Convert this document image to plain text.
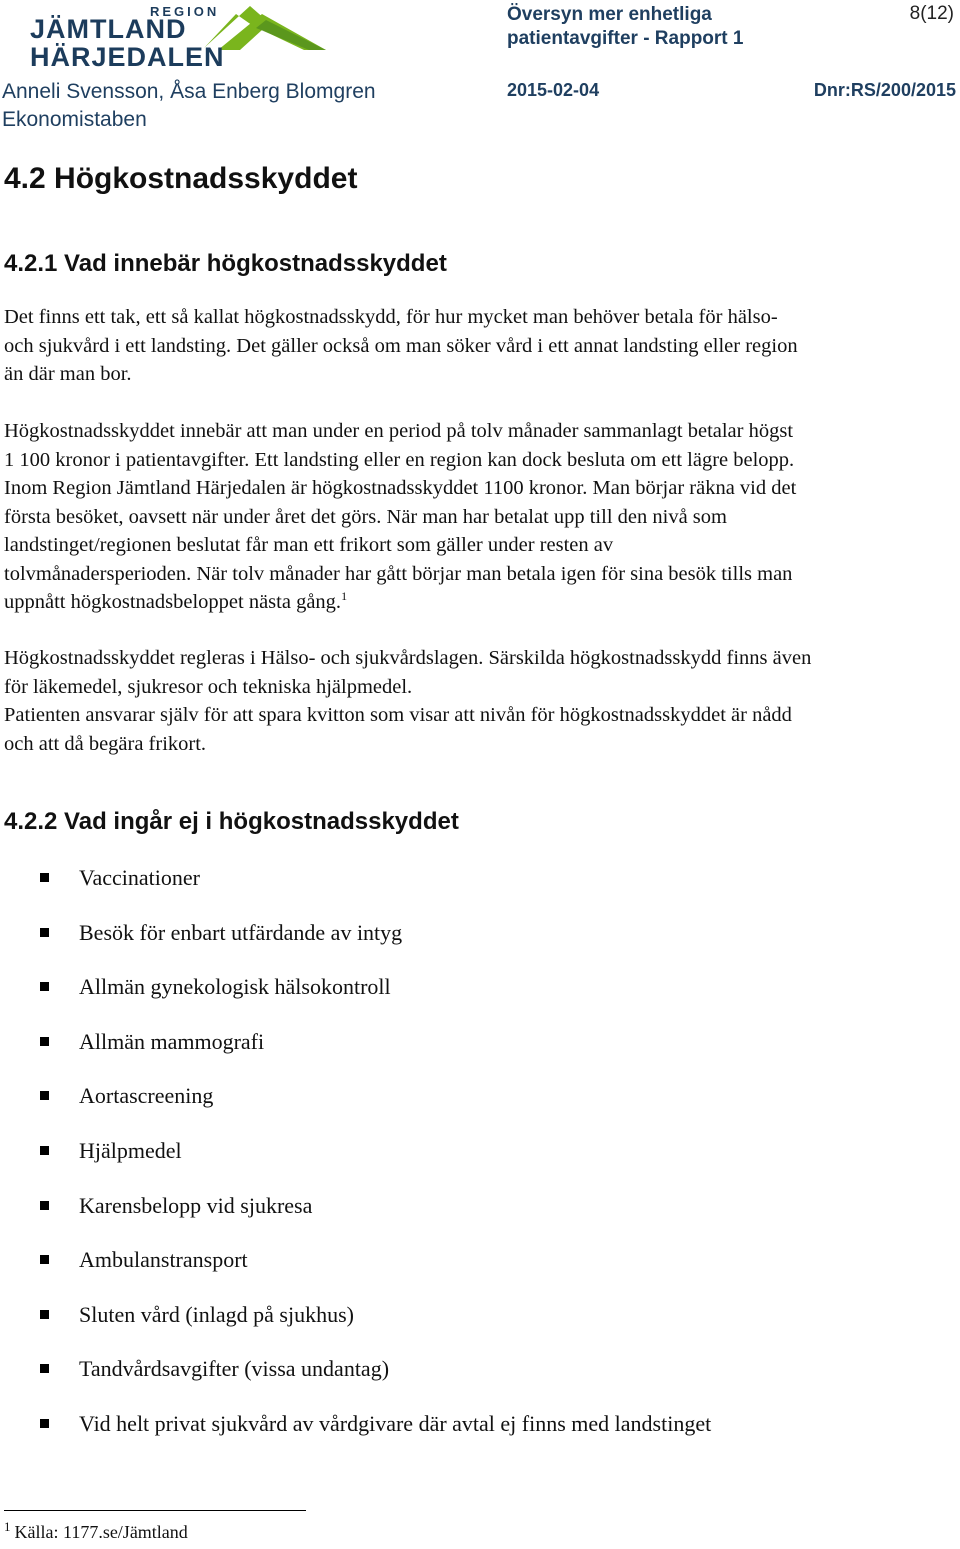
REGION
JÄMTLAND
HÄRJEDALEN
Översyn mer enhetliga
patientavgifter - Rapport 1
8(12)
Anneli Svensson, Åsa Enberg Blomgren	2015-02-04	Dnr:RS/200/2015
Ekonomistaben
4.2 Högkostnadsskyddet
4.2.1 Vad innebär högkostnadsskyddet
Det finns ett tak, ett så kallat högkostnadsskydd, för hur mycket man behöver betala för hälso-
och sjukvård i ett landsting. Det gäller också om man söker vård i ett annat landsting eller region
än där man bor.
Högkostnadsskyddet innebär att man under en period på tolv månader sammanlagt betalar högst
1 100 kronor i patientavgifter. Ett landsting eller en region kan dock besluta om ett lägre belopp.
Inom Region Jämtland Härjedalen är högkostnadsskyddet 1100 kronor. Man börjar räkna vid det
första besöket, oavsett när under året det görs. När man har betalat upp till den nivå som
landstinget/regionen beslutat får man ett frikort som gäller under resten av
tolvmånadersperioden. När tolv månader har gått börjar man betala igen för sina besök tills man
uppnått högkostnadsbeloppet nästa gång.$^1$
Högkostnadsskyddet regleras i Hälso- och sjukvårdslagen. Särskilda högkostnadsskydd finns även
för läkemedel, sjukresor och tekniska hjälpmedel.
Patienten ansvarar själv för att spara kvitton som visar att nivån för högkostnadsskyddet är nådd
och att då begära frikort.
4.2.2 Vad ingår ej i högkostnadsskyddet
Vaccinationer
Besök för enbart utfärdande av intyg
Allmän gynekologisk hälsokontroll
Allmän mammografi
Aortascreening
Hjälpmedel
Karensbelopp vid sjukresa
Ambulanstransport
Sluten vård (inlagd på sjukhus)
Tandvårdsavgifter (vissa undantag)
Vid helt privat sjukvård av vårdgivare där avtal ej finns med landstinget
$^1$ Källa: 1177.se/Jämtland
